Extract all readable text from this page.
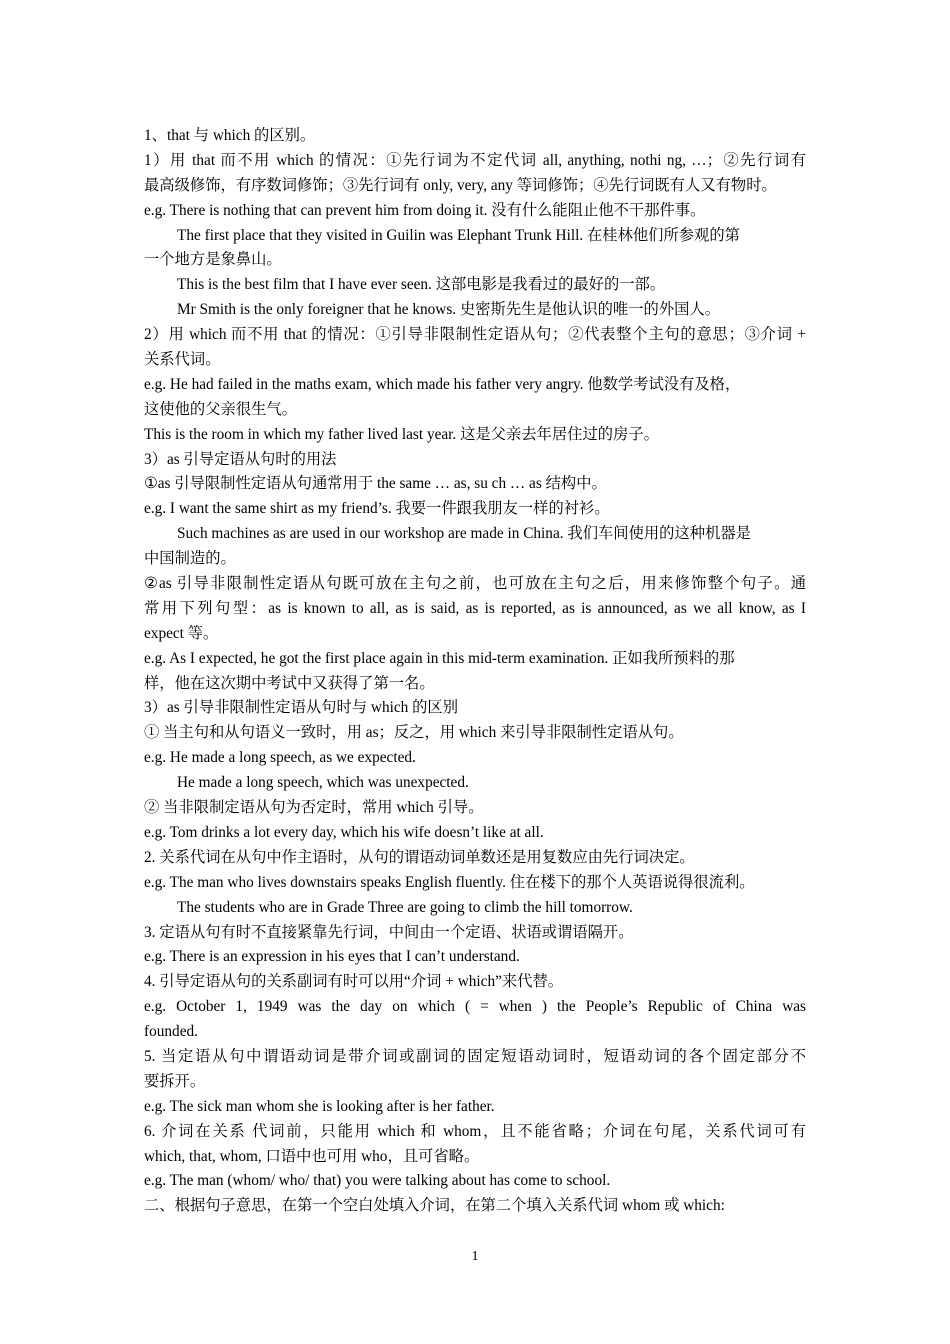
1、that 与 which 的区别。
1）用 that 而不用 which 的情况：①先行词为不定代词 all, anything, nothi ng, …；②先行词有
最高级修饰，有序数词修饰；③先行词有 only, very, any 等词修饰；④先行词既有人又有物时。
e.g. There is nothing that can prevent him from doing it. 没有什么能阻止他不干那件事。
The first place that they visited in Guilin was Elephant Trunk Hill. 在桂林他们所参观的第
一个地方是象鼻山。
This is the best film that I have ever seen. 这部电影是我看过的最好的一部。
Mr Smith is the only foreigner that he knows. 史密斯先生是他认识的唯一的外国人。
2）用 which 而不用 that 的情况：①引导非限制性定语从句；②代表整个主句的意思；③介词 +
关系代词。
e.g. He had failed in the maths exam, which made his father very angry. 他数学考试没有及格，
这使他的父亲很生气。
This is the room in which my father lived last year. 这是父亲去年居住过的房子。
3）as 引导定语从句时的用法
①as 引导限制性定语从句通常用于 the same … as, su ch … as 结构中。
e.g. I want the same shirt as my friend’s. 我要一件跟我朋友一样的衬衫。
Such machines as are used in our workshop are made in China. 我们车间使用的这种机器是
中国制造的。
②as 引导非限制性定语从句既可放在主句之前，也可放在主句之后，用来修饰整个句子。通
常用下列句型：as is known to all, as is said, as is reported, as is announced, as we all know, as I
expect 等。
e.g. As I expected, he got the first place again in this mid-term examination. 正如我所预料的那
样，他在这次期中考试中又获得了第一名。
3）as 引导非限制性定语从句时与 which 的区别
① 当主句和从句语义一致时，用 as；反之，用 which 来引导非限制性定语从句。
e.g. He made a long speech, as we expected.
He made a long speech, which was unexpected.
② 当非限制定语从句为否定时，常用 which 引导。
e.g. Tom drinks a lot every day, which his wife doesn’t like at all.
2. 关系代词在从句中作主语时，从句的谓语动词单数还是用复数应由先行词决定。
e.g. The man who lives downstairs speaks English fluently. 住在楼下的那个人英语说得很流利。
The students who are in Grade Three are going to climb the hill tomorrow.
3. 定语从句有时不直接紧靠先行词，中间由一个定语、状语或谓语隔开。
e.g. There is an expression in his eyes that I can’t understand.
4. 引导定语从句的关系副词有时可以用“介词 + which”来代替。
e.g. October 1, 1949 was the day on which ( = when ) the People’s Republic of China was
founded.
5. 当定语从句中谓语动词是带介词或副词的固定短语动词时，短语动词的各个固定部分不
要拆开。
e.g. The sick man whom she is looking after is her father.
6. 介词在关系 代词前，只能用 which 和 whom，且不能省略；介词在句尾，关系代词可有
which, that, whom, 口语中也可用 who，且可省略。
e.g. The man (whom/ who/ that) you were talking about has come to school.
二、根据句子意思，在第一个空白处填入介词，在第二个填入关系代词 whom 或 which:
1
